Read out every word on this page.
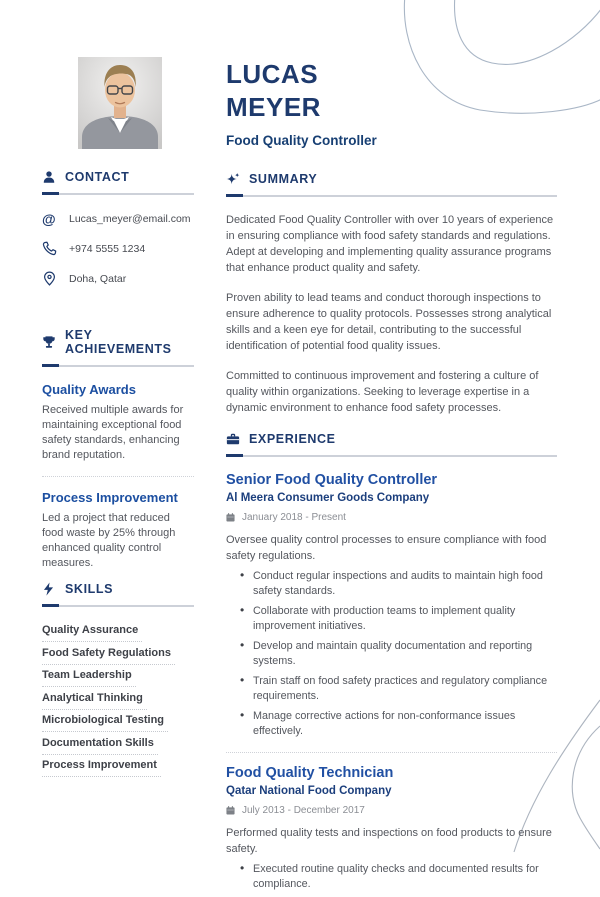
LUCAS
MEYER
Food Quality Controller
CONTACT
@ Lucas_meyer@email.com
+974 5555 1234
Doha, Qatar
KEY ACHIEVEMENTS
Quality Awards

Received multiple awards for maintaining exceptional food safety standards, enhancing brand reputation.

Process Improvement

Led a project that reduced food waste by 25% through enhanced quality control measures.

SKILLS
Quality Assurance
Food Safety Regulations
Team Leadership
Analytical Thinking
Microbiological Testing
Documentation Skills
Process Improvement
SUMMARY

Dedicated Food Quality Controller with over 10 years of experience in ensuring compliance with food safety standards and regulations. Adept at developing and implementing quality assurance programs that enhance product quality and safety.

Proven ability to lead teams and conduct thorough inspections to ensure adherence to quality protocols. Possesses strong analytical skills and a keen eye for detail, contributing to the successful identification of potential food quality issues.

Committed to continuous improvement and fostering a culture of quality within organizations. Seeking to leverage expertise in a dynamic environment to enhance food safety processes.

EXPERIENCE
Senior Food Quality Controller
Al Meera Consumer Goods Company
January 2018 - Present

Oversee quality control processes to ensure compliance with food safety regulations.

• Conduct regular inspections and audits to maintain high food safety standards.
• Collaborate with production teams to implement quality improvement initiatives.
• Develop and maintain quality documentation and reporting systems.
• Train staff on food safety practices and regulatory compliance requirements.
• Manage corrective actions for non-conformance issues effectively.
Food Quality Technician
Qatar National Food Company
July 2013 - December 2017

Performed quality tests and inspections on food products to ensure safety.

• Executed routine quality checks and documented results for compliance.
